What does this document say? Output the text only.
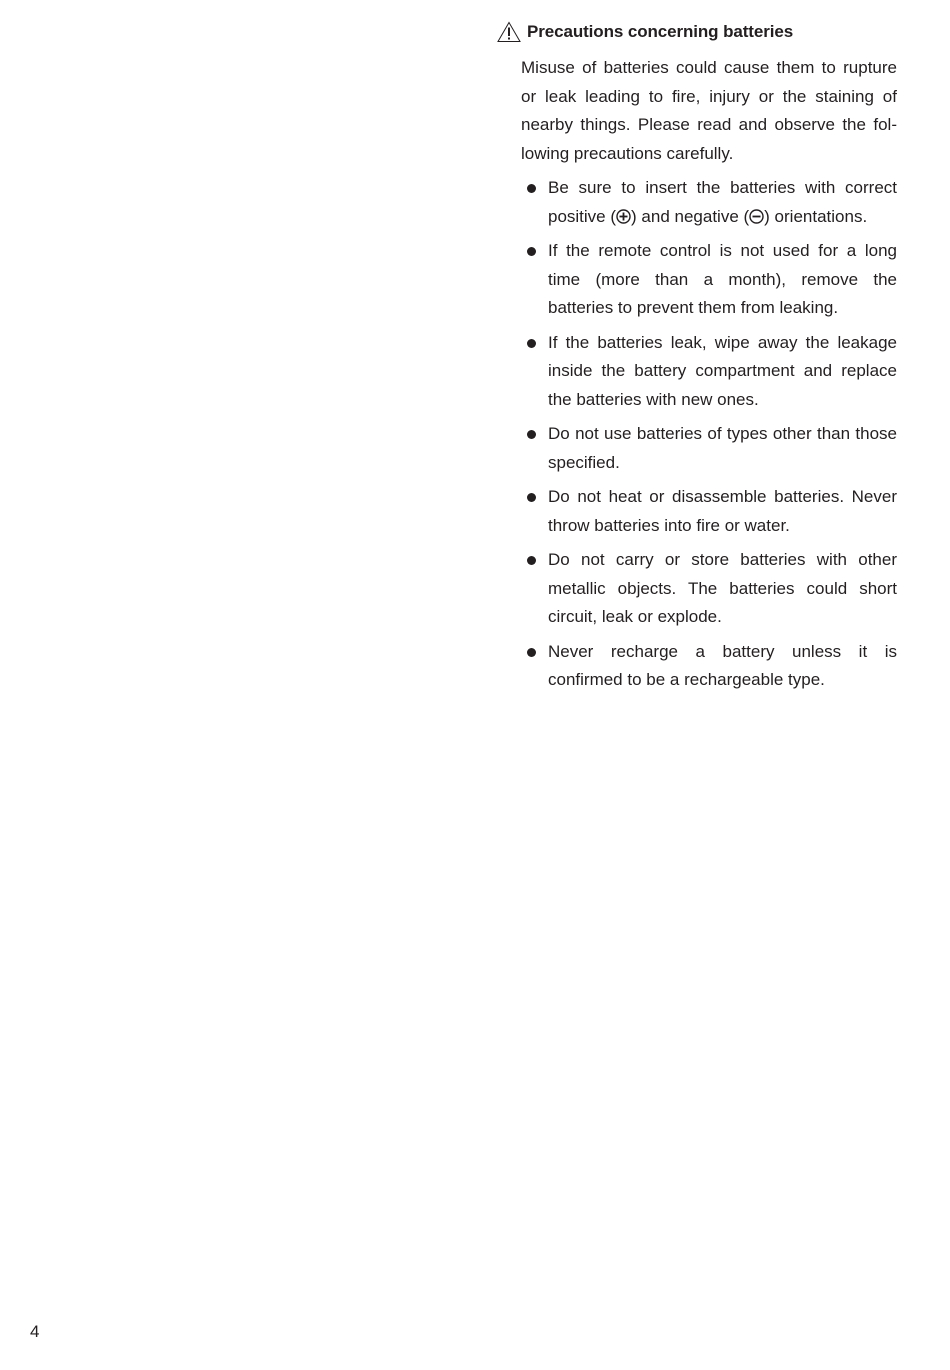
Precautions concerning batteries

Misuse of batteries could cause them to rupture or leak leading to fire, injury or the staining of nearby things. Please read and observe the following precautions carefully.

Be sure to insert the batteries with correct positive ( ) and negative ( ) orientations.
If the remote control is not used for a long time (more than a month), remove the batteries to prevent them from leaking.
If the batteries leak, wipe away the leakage inside the battery compartment and replace the batteries with new ones.
Do not use batteries of types other than those specified.
Do not heat or disassemble batteries. Never throw batteries into fire or water.
Do not carry or store batteries with other metallic objects. The batteries could short circuit, leak or explode.
Never recharge a battery unless it is confirmed to be a rechargeable type.
4
